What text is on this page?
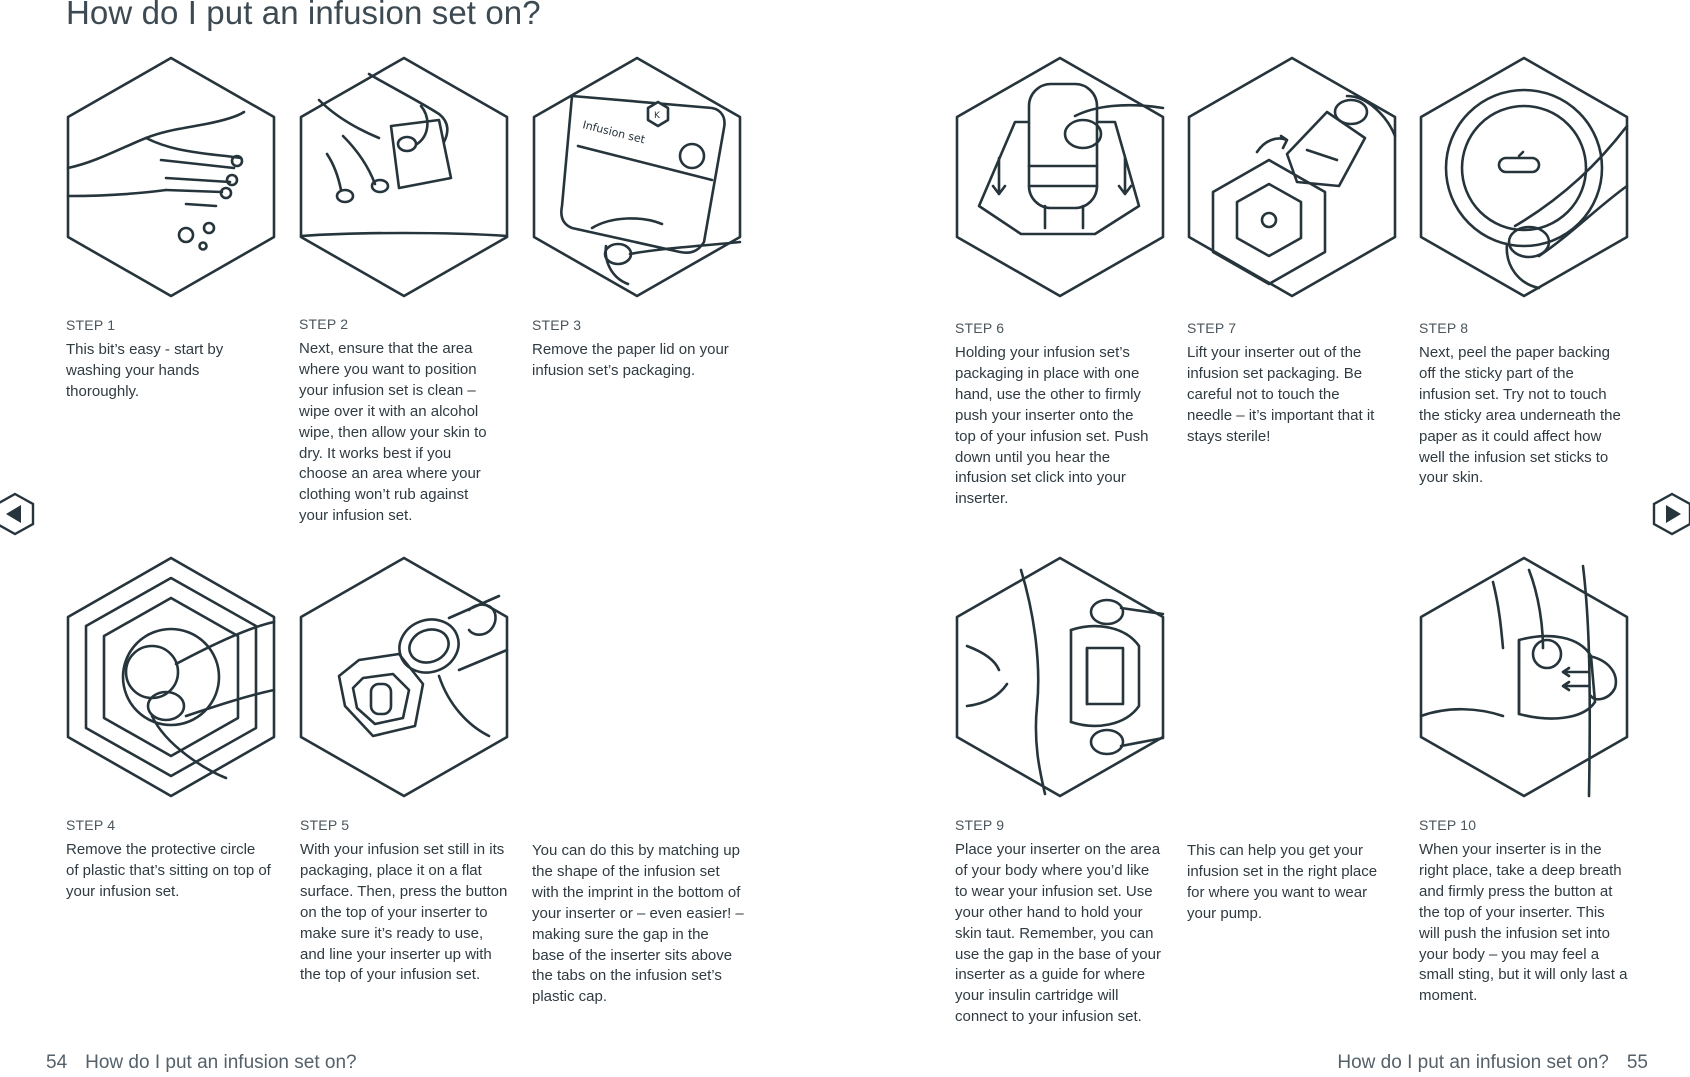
How do I put an infusion set on?
Infusion set
K
STEP 1
This bit’s easy - start by washing your hands thoroughly.
STEP 2
Next, ensure that the area where you want to position your infusion set is clean – wipe over it with an alcohol wipe, then allow your skin to dry. It works best if you choose an area where your clothing won’t rub against your infusion set.
STEP 3
Remove the paper lid on your infusion set’s packaging.
STEP 4
Remove the protective circle of plastic that’s sitting on top of your infusion set.
STEP 5
With your infusion set still in its packaging, place it on a flat surface. Then, press the button on the top of your inserter to make sure it’s ready to use, and line your inserter up with the top of your infusion set.
You can do this by matching up the shape of the infusion set with the imprint in the bottom of your inserter or – even easier! – making sure the gap in the base of the inserter sits above the tabs on the infusion set’s plastic cap.
STEP 6
Holding your infusion set’s packaging in place with one hand, use the other to firmly push your inserter onto the top of your infusion set. Push down until you hear the infusion set click into your inserter.
STEP 7
Lift your inserter out of the infusion set packaging. Be careful not to touch the needle – it’s important that it stays sterile!
STEP 8
Next, peel the paper backing off the sticky part of the infusion set. Try not to touch the sticky area underneath the paper as it could affect how well the infusion set sticks to your skin.
STEP 9
Place your inserter on the area of your body where you’d like to wear your infusion set. Use your other hand to hold your skin taut. Remember, you can use the gap in the base of your inserter as a guide for where your insulin cartridge will connect to your infusion set.
This can help you get your infusion set in the right place for where you want to wear your pump.
STEP 10
When your inserter is in the right place, take a deep breath and firmly press the button at the top of your inserter. This will push the infusion set into your body – you may feel a small sting, but it will only last a moment.
54 How do I put an infusion set on?	How do I put an infusion set on? 55
